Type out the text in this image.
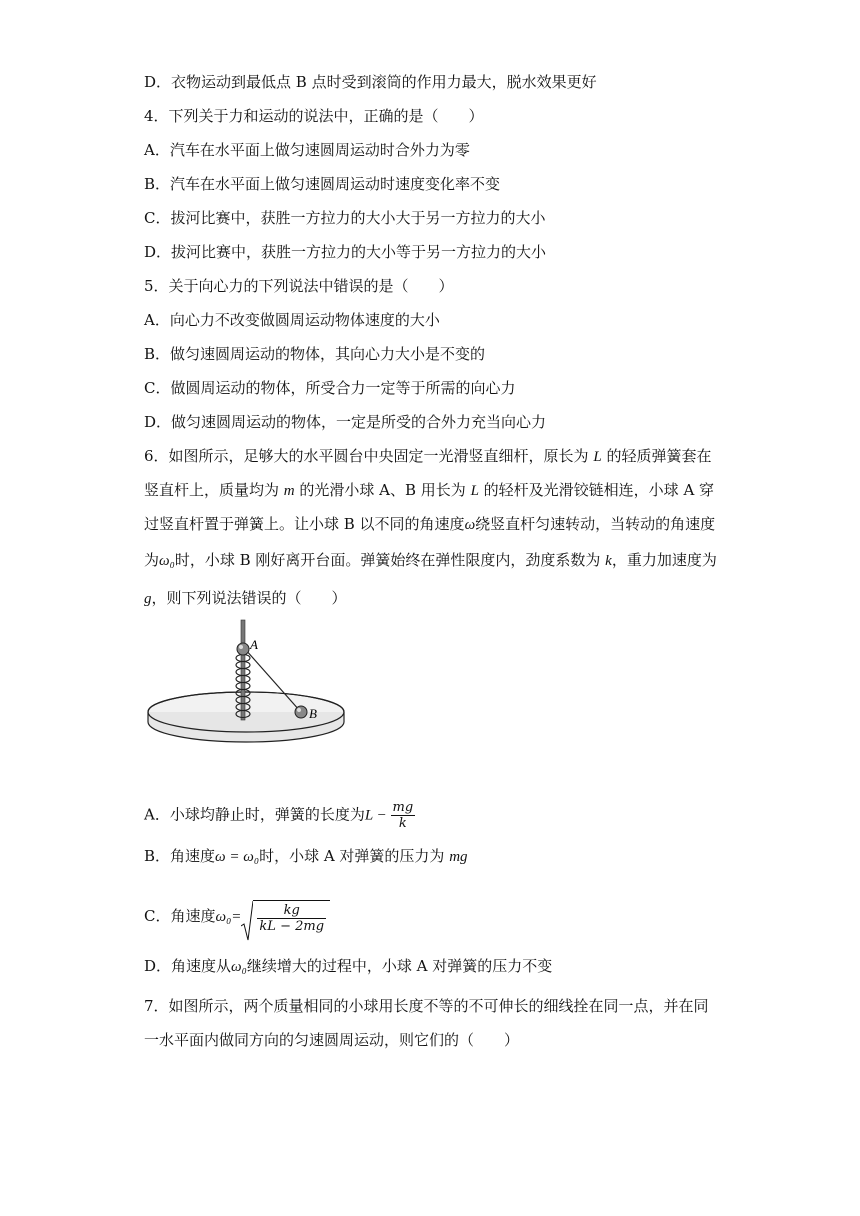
D．衣物运动到最低点 B 点时受到滚筒的作用力最大，脱水效果更好
4．下列关于力和运动的说法中，正确的是（　　）
A．汽车在水平面上做匀速圆周运动时合外力为零
B．汽车在水平面上做匀速圆周运动时速度变化率不变
C．拔河比赛中，获胜一方拉力的大小大于另一方拉力的大小
D．拔河比赛中，获胜一方拉力的大小等于另一方拉力的大小
5．关于向心力的下列说法中错误的是（　　）
A．向心力不改变做圆周运动物体速度的大小
B．做匀速圆周运动的物体，其向心力大小是不变的
C．做圆周运动的物体，所受合力一定等于所需的向心力
D．做匀速圆周运动的物体，一定是所受的合外力充当向心力
6．如图所示，足够大的水平圆台中央固定一光滑竖直细杆，原长为 L 的轻质弹簧套在
竖直杆上，质量均为 m 的光滑小球 A、B 用长为 L 的轻杆及光滑铰链相连，小球 A 穿
过竖直杆置于弹簧上。让小球 B 以不同的角速度ω绕竖直杆匀速转动，当转动的角速度
为ω₀时，小球 B 刚好离开台面。弹簧始终在弹性限度内，劲度系数为 k，重力加速度为
g，则下列说法错误的（　　）
A
B
A．小球均静止时，弹簧的长度为$L - \frac{mg}{k}$
B．角速度ω = ω₀时，小球 A 对弹簧的压力为 mg
C．角速度$\omega_0= \frac{kg}{kL - 2mg}$
D．角速度从ω₀继续增大的过程中，小球 A 对弹簧的压力不变
7．如图所示，两个质量相同的小球用长度不等的不可伸长的细线拴在同一点，并在同
一水平面内做同方向的匀速圆周运动，则它们的（　　）
